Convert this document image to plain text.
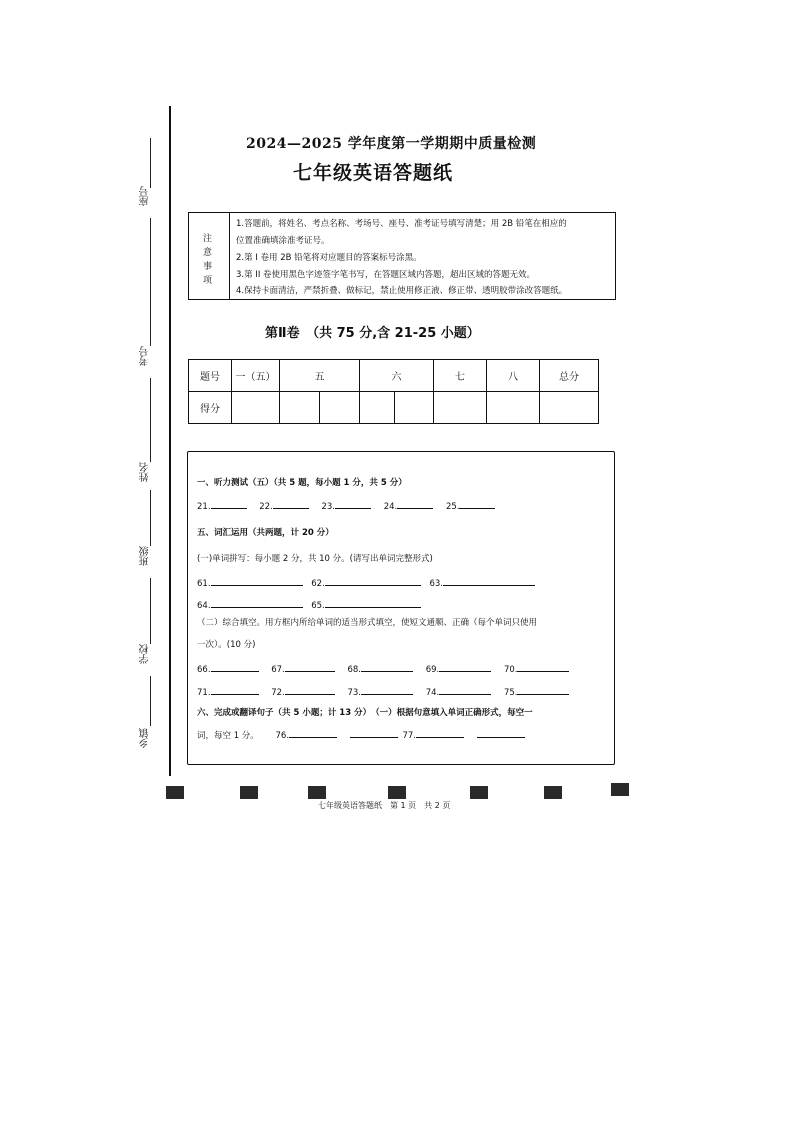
座号
考号
姓名
班级
学校
乡镇
2024—2025 学年度第一学期期中质量检测
七年级英语答题纸
注
意
事
项
1.答题前，将姓名、考点名称、考场号、座号、准考证号填写清楚；用 2B 铅笔在相应的
位置准确填涂准考证号。
2.第 I 卷用 2B 铅笔将对应题目的答案标号涂黑。
3.第 II 卷使用黑色字迹签字笔书写，在答题区域内答题，超出区域的答题无效。
4.保持卡面清洁，严禁折叠、做标记，禁止使用修正液、修正带、透明胶带涂改答题纸。
第Ⅱ卷　（共 75 分,含 21-25 小题）
题号	一（五）	五		六		七	八	总分
得分								
一、听力测试（五）（共 5 题，每小题 1 分，共 5 分）
21.	22.	23.	24.	25.
五、词汇运用（共两题，计 20 分）
(一)单词拼写：每小题 2 分，共 10 分。(请写出单词完整形式)
61.	62.	63.
64.	65.
（二）综合填空。用方框内所给单词的适当形式填空，使短文通顺、正确（每个单词只使用
一次）。(10 分)
66.	67.	68.	69.	70.
71.	72.	73.	74.	75.
六、完成或翻译句子（共 5 小题；计 13 分）　（一）根据句意填入单词正确形式，每空一
词，每空 1 分。 76.	77.
七年级英语答题纸　第 1 页　共 2 页
